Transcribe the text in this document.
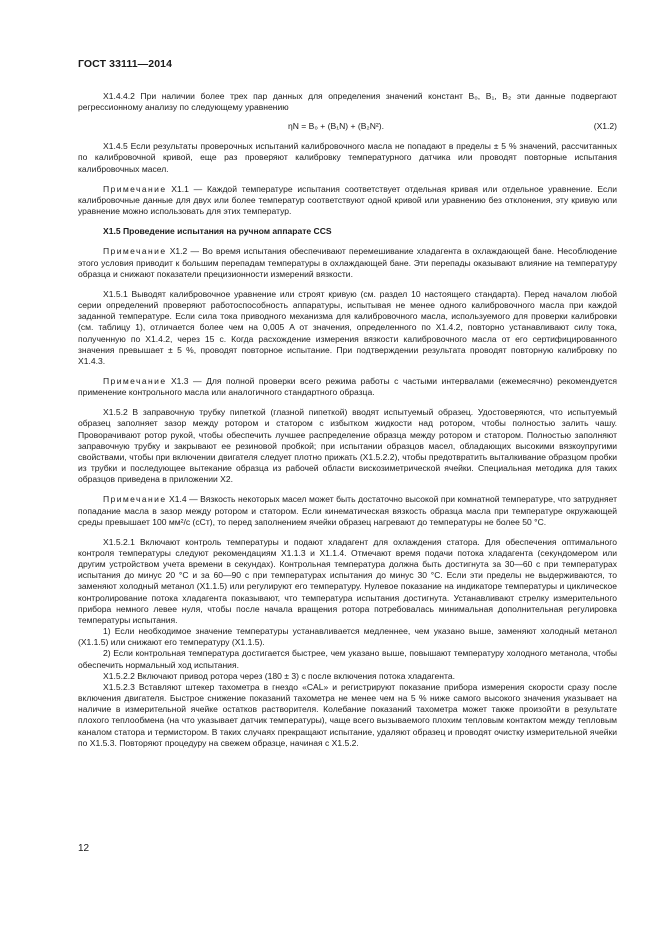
ГОСТ 33111—2014

X1.4.4.2 При наличии более трех пар данных для определения значений констант B₀, B₁, B₂ эти данные подвергают регрессионному анализу по следующему уравнению

ηN = B₀ + (B₁N) + (B₂N²).	(X1.2)

X1.4.5 Если результаты проверочных испытаний калибровочного масла не попадают в пределы ± 5 % значений, рассчитанных по калибровочной кривой, еще раз проверяют калибровку температурного датчика или проводят повторные испытания калибровочных масел.

Примечание X1.1 — Каждой температуре испытания соответствует отдельная кривая или отдельное уравнение. Если калибровочные данные для двух или более температур соответствуют одной кривой или уравнению без отклонения, эту кривую или уравнение можно использовать для этих температур.

X1.5 Проведение испытания на ручном аппарате CCS

Примечание X1.2 — Во время испытания обеспечивают перемешивание хладагента в охлаждающей бане. Несоблюдение этого условия приводит к большим перепадам температуры в охлаждающей бане. Эти перепады оказывают влияние на температуру образца и снижают показатели прецизионности измерений вязкости.

X1.5.1 Выводят калибровочное уравнение или строят кривую (см. раздел 10 настоящего стандарта). Перед началом любой серии определений проверяют работоспособность аппаратуры, испытывая не менее одного калибровочного масла при каждой заданной температуре. Если сила тока приводного механизма для калибровочного масла, используемого для проверки калибровки (см. таблицу 1), отличается более чем на 0,005 A от значения, определенного по X1.4.2, повторно устанавливают силу тока, полученную по X1.4.2, через 15 с. Когда расхождение измерения вязкости калибровочного масла от его сертифицированного значения превышает ± 5 %, проводят повторное испытание. При подтверждении результата проводят повторную калибровку по X1.4.3.

Примечание X1.3 — Для полной проверки всего режима работы с частыми интервалами (ежемесячно) рекомендуется применение контрольного масла или аналогичного стандартного образца.

X1.5.2 В заправочную трубку пипеткой (глазной пипеткой) вводят испытуемый образец. Удостоверяются, что испытуемый образец заполняет зазор между ротором и статором с избытком жидкости над ротором, чтобы полностью залить чашу. Проворачивают ротор рукой, чтобы обеспечить лучшее распределение образца между ротором и статором. Полностью заполняют заправочную трубку и закрывают ее резиновой пробкой; при испытании образцов масел, обладающих высокими вязкоупругими свойствами, чтобы при включении двигателя следует плотно прижать (X1.5.2.2), чтобы предотвратить выталкивание образцом пробки из трубки и последующее вытекание образца из рабочей области вискозиметрической ячейки. Специальная методика для таких образцов приведена в приложении X2.

Примечание X1.4 — Вязкость некоторых масел может быть достаточно высокой при комнатной температуре, что затрудняет попадание масла в зазор между ротором и статором. Если кинематическая вязкость образца масла при температуре окружающей среды превышает 100 мм²/с (сСт), то перед заполнением ячейки образец нагревают до температуры не более 50 °С.

X1.5.2.1 Включают контроль температуры и подают хладагент для охлаждения статора. Для обеспечения оптимального контроля температуры следуют рекомендациям X1.1.3 и X1.1.4. Отмечают время подачи потока хладагента (секундомером или другим устройством учета времени в секундах). Контрольная температура должна быть достигнута за 30—60 с при температурах испытания до минус 20 °С и за 60—90 с при температурах испытания до минус 30 °С. Если эти пределы не выдерживаются, то заменяют холодный метанол (X1.1.5) или регулируют его температуру. Нулевое показание на индикаторе температуры и циклическое контролирование потока хладагента показывают, что температура испытания достигнута. Устанавливают стрелку измерительного прибора немного левее нуля, чтобы после начала вращения ротора потребовалась минимальная дополнительная регулировка температуры испытания.

1) Если необходимое значение температуры устанавливается медленнее, чем указано выше, заменяют холодный метанол (X1.1.5) или снижают его температуру (X1.1.5).

2) Если контрольная температура достигается быстрее, чем указано выше, повышают температуру холодного метанола, чтобы обеспечить нормальный ход испытания.

X1.5.2.2 Включают привод ротора через (180 ± 3) с после включения потока хладагента.

X1.5.2.3 Вставляют штекер тахометра в гнездо «CAL» и регистрируют показание прибора измерения скорости сразу после включения двигателя. Быстрое снижение показаний тахометра не менее чем на 5 % ниже самого высокого значения указывает на наличие в измерительной ячейке остатков растворителя. Колебание показаний тахометра может также произойти в результате плохого теплообмена (на что указывает датчик температуры), чаще всего вызываемого плохим тепловым контактом между тепловым каналом статора и термистором. В таких случаях прекращают испытание, удаляют образец и проводят очистку измерительной ячейки по X1.5.3. Повторяют процедуру на свежем образце, начиная с X1.5.2.

12
